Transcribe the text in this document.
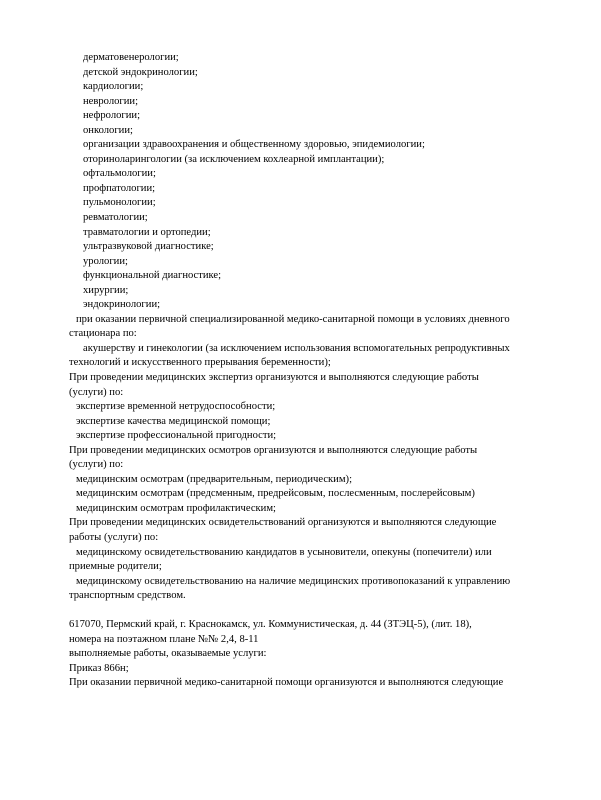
дерматовенерологии;
детской эндокринологии;
кардиологии;
неврологии;
нефрологии;
онкологии;
организации здравоохранения и общественному здоровью, эпидемиологии;
оториноларингологии (за исключением кохлеарной имплантации);
офтальмологии;
профпатологии;
пульмонологии;
ревматологии;
травматологии и ортопедии;
ультразвуковой диагностике;
урологии;
функциональной диагностике;
хирургии;
эндокринологии;
при оказании первичной специализированной медико-санитарной помощи в условиях дневного
стационара по:
акушерству и гинекологии (за исключением использования вспомогательных репродуктивных
технологий и искусственного прерывания беременности);
При проведении медицинских экспертиз организуются и выполняются следующие работы
(услуги) по:
экспертизе временной нетрудоспособности;
экспертизе качества медицинской помощи;
экспертизе профессиональной пригодности;
При проведении медицинских осмотров организуются и выполняются следующие работы
(услуги) по:
медицинским осмотрам (предварительным, периодическим);
медицинским осмотрам (предсменным, предрейсовым, послесменным, послерейсовым)
медицинским осмотрам профилактическим;
При проведении медицинских освидетельствований организуются и выполняются следующие
работы (услуги) по:
медицинскому освидетельствованию кандидатов в усыновители, опекуны (попечители) или
приемные родители;
медицинскому освидетельствованию на наличие медицинских противопоказаний к управлению
транспортным средством.
617070, Пермский край, г. Краснокамск, ул. Коммунистическая, д. 44 (ЗТЭЦ-5), (лит. 18),
номера на поэтажном плане №№ 2,4, 8-11
выполняемые работы, оказываемые услуги:
Приказ 866н;
При оказании первичной медико-санитарной помощи организуются и выполняются следующие
